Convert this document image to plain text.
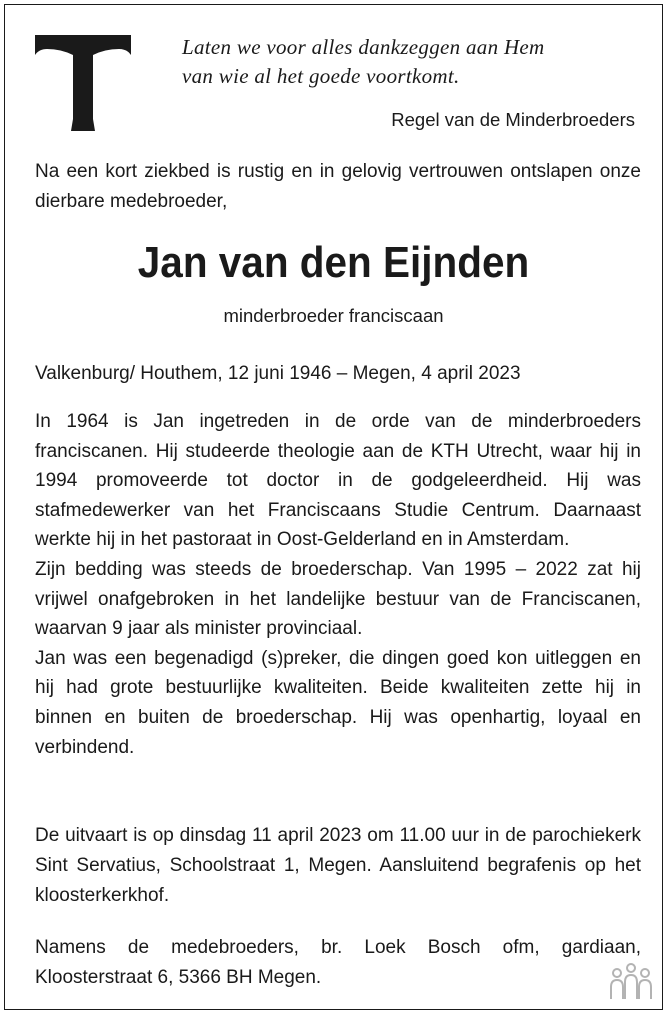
Laten we voor alles dankzeggen aan Hem
van wie al het goede voortkomt.
Regel van de Minderbroeders
Na een kort ziekbed is rustig en in gelovig vertrouwen ontslapen onze dierbare medebroeder,
Jan van den Eijnden
minderbroeder franciscaan
Valkenburg/ Houthem, 12 juni 1946 – Megen, 4 april 2023

In 1964 is Jan ingetreden in de orde van de minderbroeders franciscanen. Hij studeerde theologie aan de KTH Utrecht, waar hij in 1994 promoveerde tot doctor in de godgeleerdheid. Hij was stafmedewerker van het Franciscaans Studie Centrum. Daarnaast werkte hij in het pastoraat in Oost-Gelderland en in Amsterdam.

Zijn bedding was steeds de broederschap. Van 1995 – 2022 zat hij vrijwel onafgebroken in het landelijke bestuur van de Franciscanen, waarvan 9 jaar als minister provinciaal.

Jan was een begenadigd (s)preker, die dingen goed kon uitleggen en hij had grote bestuurlijke kwaliteiten. Beide kwaliteiten zette hij in binnen en buiten de broederschap. Hij was openhartig, loyaal en verbindend.

De uitvaart is op dinsdag 11 april 2023 om 11.00 uur in de parochiekerk Sint Servatius, Schoolstraat 1, Megen. Aansluitend begrafenis op het kloosterkerkhof.
Namens de medebroeders, br. Loek Bosch ofm, gardiaan, Kloosterstraat 6, 5366 BH Megen.
